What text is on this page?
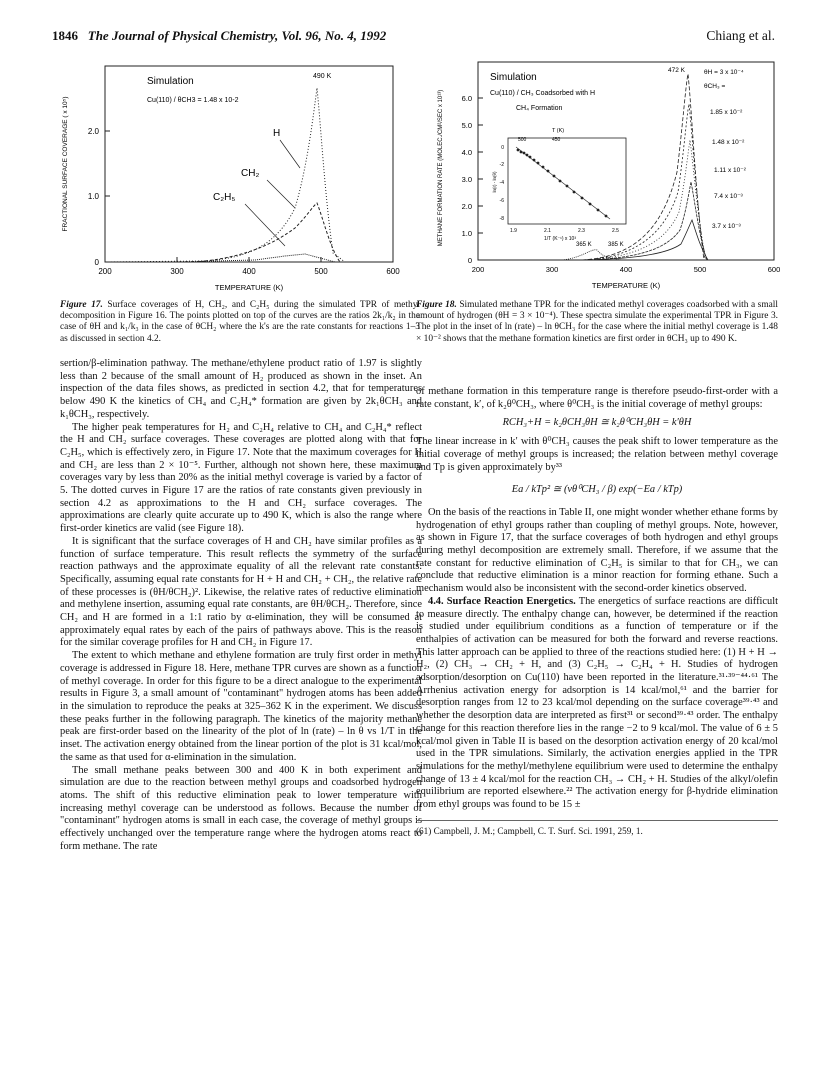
1846 The Journal of Physical Chemistry, Vol. 96, No. 4, 1992	Chiang et al.
0
1.0
2.0
200	300	400	500	600
TEMPERATURE (K)
FRACTIONAL SURFACE COVERAGE ( x 10⁵)
Simulation
Cu(110) / θCH3 = 1.48 x 10-2
490 K
H
CH₂
C₂H₅
0
1.0
2.0
3.0
4.0
5.0
6.0
200	300	400	500	600
TEMPERATURE (K)
METHANE FORMATION RATE (MOLEC./CM²/SEC x 10¹³)
Simulation
Cu(110) / CH₃ Coadsorbed with H
CH₄ Formation
472 K	θH = 3 x 10⁻⁴
θCH₃ =
1.85 x 10⁻²
1.48 x 10⁻²
1.11 x 10⁻²
7.4 x 10⁻³
3.7 x 10⁻³
365 K	385 K
T (K)
500	450
0
-2
-4
-6
-8
1.9	2.1	2.3	2.5
1/T (K⁻¹) x 10³
ln(r) - ln(θ)
Figure 17. Surface coverages of H, CH₂, and C₂H₅ during the simulated TPR of methyl decomposition in Figure 16. The points plotted on top of the curves are the ratios 2k₁/k₂ in the case of θH and k₁/k₃ in the case of θCH₂ where the k's are the rate constants for reactions 1–3 as discussed in section 4.2.
Figure 18. Simulated methane TPR for the indicated methyl coverages coadsorbed with a small amount of hydrogen (θH = 3 × 10⁻⁴). These spectra simulate the experimental TPR in Figure 3. The plot in the inset of ln (rate) – ln θCH₃ for the case where the initial methyl coverage is 1.48 × 10⁻² shows that the methane formation kinetics are first order in θCH₃ up to 490 K.

sertion/β-elimination pathway. The methane/ethylene product ratio of 1.97 is slightly less than 2 because of the small amount of H₂ produced as shown in the inset. An inspection of the data files shows, as predicted in section 4.2, that for temperatures below 490 K the kinetics of CH₄ and C₂H₄* formation are given by 2k₁θCH₃ and k₁θCH₃, respectively.

The higher peak temperatures for H₂ and C₂H₄ relative to CH₄ and C₂H₄* reflect the H and CH₂ surface coverages. These coverages are plotted along with that for C₂H₅, which is effectively zero, in Figure 17. Note that the maximum coverages for H and CH₂ are less than 2 × 10⁻⁵. Further, although not shown here, these maximum coverages vary by less than 20% as the initial methyl coverage is varied by a factor of 5. The dotted curves in Figure 17 are the ratios of rate constants given previously in section 4.2 as approximations to the H and CH₂ surface coverages. The approximations are clearly quite accurate up to 490 K, which is also the range where first-order kinetics are valid (see Figure 18).

It is significant that the surface coverages of H and CH₂ have similar profiles as a function of surface temperature. This result reflects the symmetry of the surface reaction pathways and the approximate equality of all the relevant rate constants. Specifically, assuming equal rate constants for H + H and CH₂ + CH₂, the relative rate of these processes is (θH/θCH₂)². Likewise, the relative rates of reductive elimination and methylene insertion, assuming equal rate constants, are θH/θCH₂. Therefore, since CH₂ and H are formed in a 1:1 ratio by α-elimination, they will be consumed at approximately equal rates by each of the pairs of pathways above. This is the reason for the similar coverage profiles for H and CH₂ in Figure 17.

The extent to which methane and ethylene formation are truly first order in methyl coverage is addressed in Figure 18. Here, methane TPR curves are shown as a function of methyl coverage. In order for this figure to be a direct analogue to the experimental results in Figure 3, a small amount of "contaminant" hydrogen atoms has been added in the simulation to reproduce the peaks at 325–362 K in the experiment. We discuss these peaks further in the following paragraph. The kinetics of the majority methane peak are first-order based on the linearity of the plot of ln (rate) – ln θ vs 1/T in the inset. The activation energy obtained from the linear portion of the plot is 31 kcal/mol, the same as that used for α-elimination in the simulation.

The small methane peaks between 300 and 400 K in both experiment and simulation are due to the reaction between methyl groups and coadsorbed hydrogen atoms. The shift of this reductive elimination peak to lower temperature with increasing methyl coverage can be understood as follows. Because the number of "contaminant" hydrogen atoms is small in each case, the coverage of methyl groups is effectively unchanged over the temperature range where the hydrogen atoms react to form methane. The rate

of methane formation in this temperature range is therefore pseudo-first-order with a rate constant, k′, of k₂θ⁰CH₃, where θ⁰CH₃ is the initial coverage of methyl groups:

RCH₃+H = k₂θCH₃θH ≅ k₂θ⁰CH₃θH = k′θH

The linear increase in k′ with θ⁰CH₃ causes the peak shift to lower temperature as the initial coverage of methyl groups is increased; the relation between methyl coverage and Tp is given approximately by³³

Ea / kTp² ≅ (νθ⁰CH₃ / β) exp(−Ea / kTp)

On the basis of the reactions in Table II, one might wonder whether ethane forms by hydrogenation of ethyl groups rather than coupling of methyl groups. Note, however, as shown in Figure 17, that the surface coverages of both hydrogen and ethyl groups during methyl decomposition are extremely small. Therefore, if we assume that the rate constant for reductive elimination of C₂H₅ is similar to that for CH₃, we can conclude that reductive elimination is a minor reaction for forming ethane. Such a mechanism would also be inconsistent with the second-order kinetics observed.

4.4. Surface Reaction Energetics. The energetics of surface reactions are difficult to measure directly. The enthalpy change can, however, be determined if the reaction is studied under equilibrium conditions as a function of temperature or if the enthalpies of activation can be measured for both the forward and reverse reactions. This latter approach can be applied to three of the reactions studied here: (1) H + H → H₂, (2) CH₃ → CH₂ + H, and (3) C₂H₅ → C₂H₄ + H. Studies of hydrogen adsorption/desorption on Cu(110) have been reported in the literature.³¹·³⁹⁻⁴⁴·⁶¹ The Arrhenius activation energy for adsorption is 14 kcal/mol,⁶¹ and the barrier for desorption ranges from 12 to 23 kcal/mol depending on the surface coverage³⁹·⁴³ and whether the desorption data are interpreted as first³¹ or second³⁹·⁴³ order. The enthalpy change for this reaction therefore lies in the range −2 to 9 kcal/mol. The value of 6 ± 5 kcal/mol given in Table II is based on the desorption activation energy of 20 kcal/mol used in the TPR simulations. Similarly, the activation energies applied in the TPR simulations for the methyl/methylene equilibrium were used to determine the enthalpy change of 13 ± 4 kcal/mol for the reaction CH₃ → CH₂ + H. Studies of the alkyl/olefin equilibrium are reported elsewhere.²² The activation energy for β-hydride elimination from ethyl groups was found to be 15 ±

(61) Campbell, J. M.; Campbell, C. T. Surf. Sci. 1991, 259, 1.
